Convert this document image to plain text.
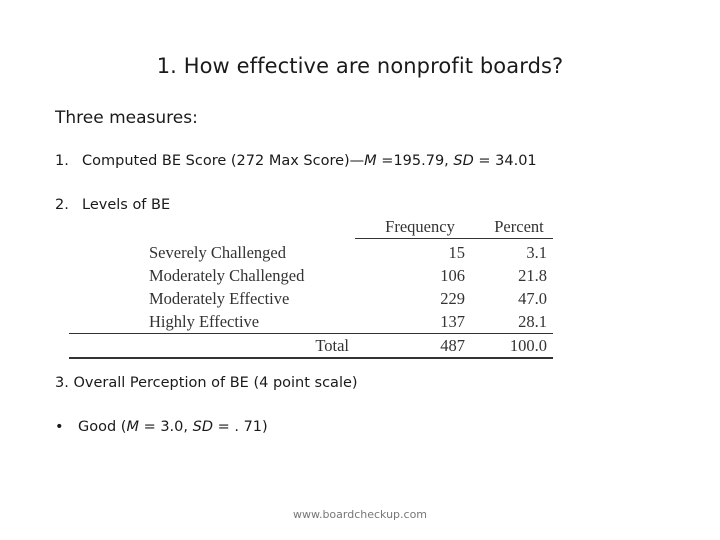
1. How effective are nonprofit boards?
Three measures:
1. Computed BE Score (272 Max Score)—M =195.79, SD = 34.01
2. Levels of BE
	Frequency	Percent
Severely Challenged	15	3.1
Moderately Challenged	106	21.8
Moderately Effective	229	47.0
Highly Effective	137	28.1
Total	487	100.0
3. Overall Perception of BE (4 point scale)
• Good (M = 3.0, SD = . 71)
www.boardcheckup.com
